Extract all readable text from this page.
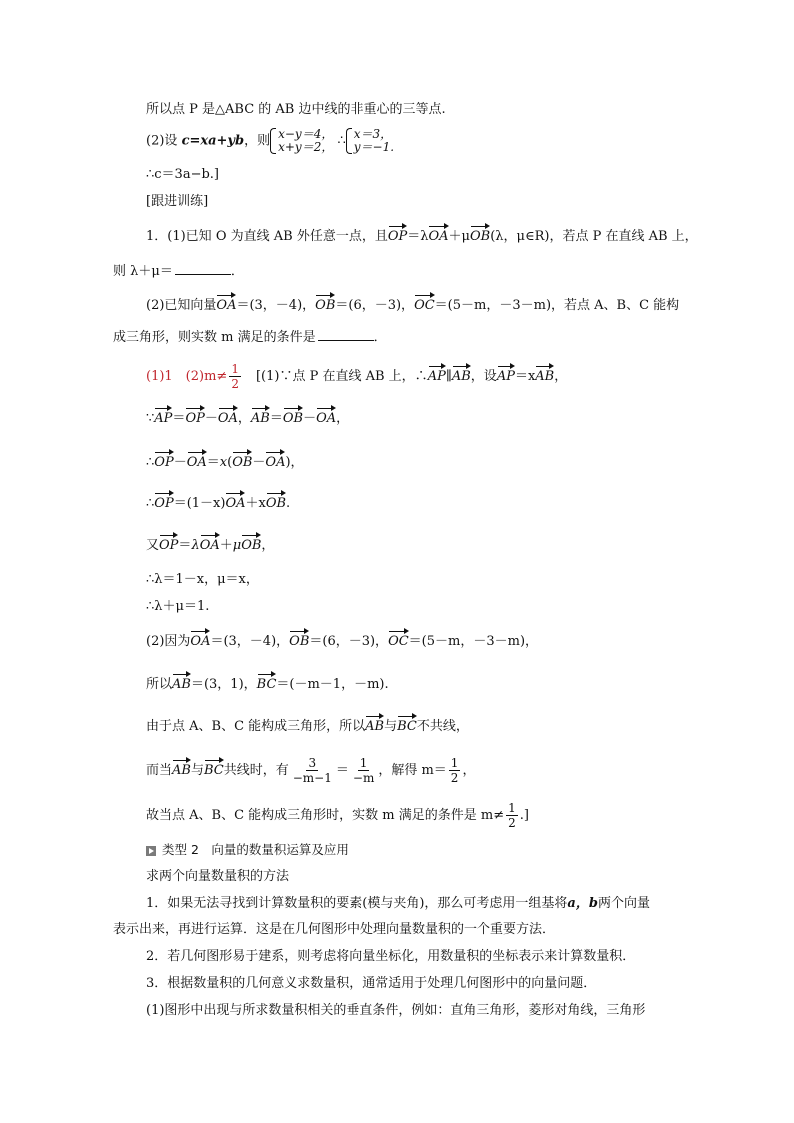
所以点 P 是△ABC 的 AB 边中线的非重心的三等点.
(2)设 c=xa+yb，则 x−y＝4，
x+y＝2， ∴ x＝3，
y＝−1.
∴c＝3a−b.]
[跟进训练]
1．(1)已知 O 为直线 AB 外任意一点，且OP＝λOA＋μOB(λ，μ∈R)，若点 P 在直线 AB 上，
则 λ＋μ＝	．
(2)已知向量OA＝(3，－4)，OB＝(6，－3)，OC＝(5－m，－3－m)，若点 A、B、C 能构
成三角形，则实数 m 满足的条件是	．
(1)1　$(2)m\ne \frac{1}{2}$ 　[(1)∵点 P 在直线 AB 上，∴AP∥AB，设AP＝xAB，
∵AP＝OP－OA，AB＝OB－OA，
∴OP－OA＝x(OB－OA)，
∴OP＝(1－x)OA＋xOB.
又OP＝λOA＋μOB，
∴λ＝1－x，μ＝x，
∴λ＋μ＝1.
(2)因为OA＝(3，－4)，OB＝(6，－3)，OC＝(5－m，－3－m)，
所以AB＝(3，1)，BC＝(－m－1，－m).
由于点 A、B、C 能构成三角形，所以AB与BC不共线，
而当AB与BC共线时，有 $\frac{3}{-m-1} = \frac{1}{-m}$ ，解得 $m= \frac{1}{2}$ ，
故当点 A、B、C 能构成三角形时，实数 m 满足的条件是 $m\ne \frac{1}{2}$ .]
类型 2　向量的数量积运算及应用
求两个向量数量积的方法
1．如果无法寻找到计算数量积的要素(模与夹角)，那么可考虑用一组基将a，b两个向量
表示出来，再进行运算．这是在几何图形中处理向量数量积的一个重要方法．
2．若几何图形易于建系，则考虑将向量坐标化，用数量积的坐标表示来计算数量积．
3．根据数量积的几何意义求数量积，通常适用于处理几何图形中的向量问题．
(1)图形中出现与所求数量积相关的垂直条件，例如：直角三角形，菱形对角线，三角形
